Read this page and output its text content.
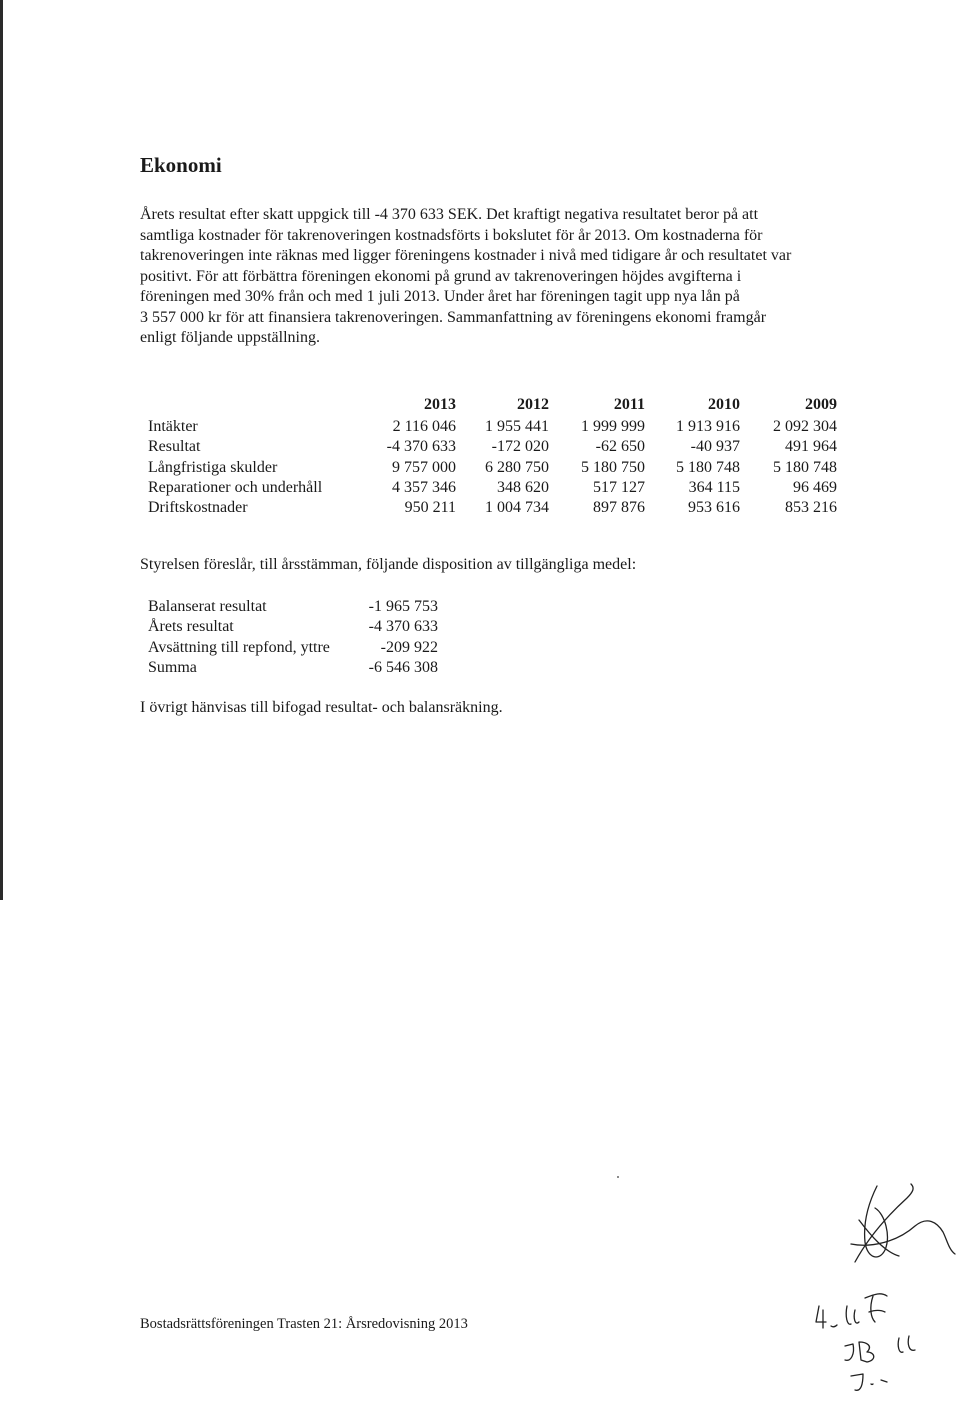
Ekonomi

Årets resultat efter skatt uppgick till -4 370 633 SEK. Det kraftigt negativa resultatet beror på att

samtliga kostnader för takrenoveringen kostnadsförts i bokslutet för år 2013. Om kostnaderna för

takrenoveringen inte räknas med ligger föreningens kostnader i nivå med tidigare år och resultatet var

positivt. För att förbättra föreningen ekonomi på grund av takrenoveringen höjdes avgifterna i

föreningen med 30% från och med 1 juli 2013. Under året har föreningen tagit upp nya lån på

3 557 000 kr för att finansiera takrenoveringen. Sammanfattning av föreningens ekonomi framgår

enligt följande uppställning.

	2013	2012	2011	2010	2009
Intäkter	2 116 046	1 955 441	1 999 999	1 913 916	2 092 304
Resultat	-4 370 633	-172 020	-62 650	-40 937	491 964
Långfristiga skulder	9 757 000	6 280 750	5 180 750	5 180 748	5 180 748
Reparationer och underhåll	4 357 346	348 620	517 127	364 115	96 469
Driftskostnader	950 211	1 004 734	897 876	953 616	853 216

Styrelsen föreslår, till årsstämman, följande disposition av tillgängliga medel:

Balanserat resultat	-1 965 753
Årets resultat	-4 370 633
Avsättning till repfond, yttre	-209 922
Summa	-6 546 308

I övrigt hänvisas till bifogad resultat- och balansräkning.

Bostadsrättsföreningen Trasten 21: Årsredovisning 2013
